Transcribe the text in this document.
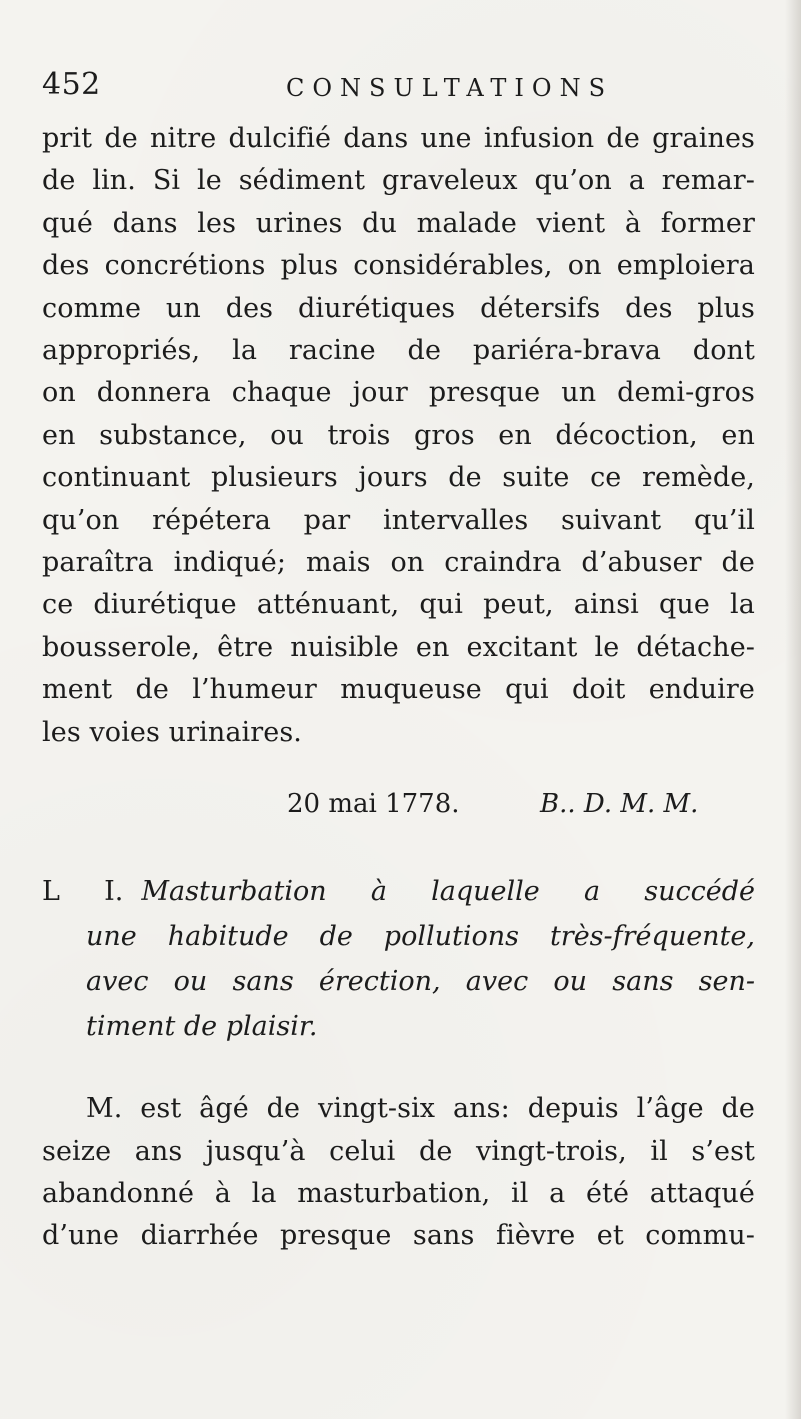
452	CONSULTATIONS
prit de nitre dulcifié dans une infusion de graines
de lin. Si le sédiment graveleux qu’on a remar-
qué dans les urines du malade vient à former
des concrétions plus considérables, on emploiera
comme un des diurétiques détersifs des plus
appropriés, la racine de pariéra-brava dont
on donnera chaque jour presque un demi-gros
en substance, ou trois gros en décoction, en
continuant plusieurs jours de suite ce remède,
qu’on répétera par intervalles suivant qu’il
paraîtra indiqué; mais on craindra d’abuser de
ce diurétique atténuant, qui peut, ainsi que la
bousserole, être nuisible en excitant le détache-
ment de l’humeur muqueuse qui doit enduire
les voies urinaires.
20 mai 1778.	B.. D. M. M.
L I. Masturbation à laquelle a succédé
une habitude de pollutions très-fréquente,
avec ou sans érection, avec ou sans sen-
timent de plaisir.
M. est âgé de vingt-six ans: depuis l’âge de
seize ans jusqu’à celui de vingt-trois, il s’est
abandonné à la masturbation, il a été attaqué
d’une diarrhée presque sans fièvre et commu-
